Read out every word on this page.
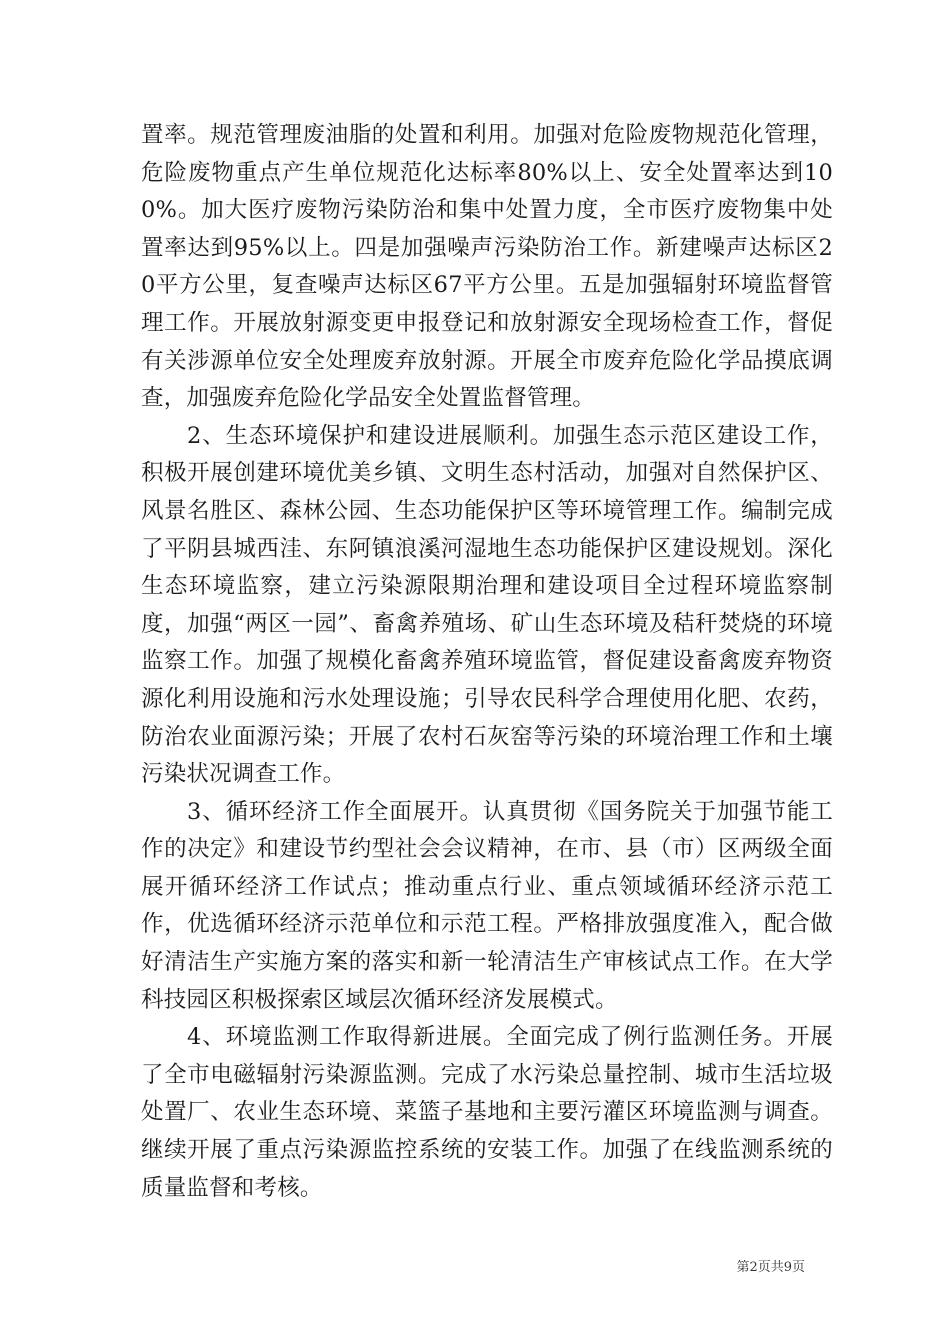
置率。规范管理废油脂的处置和利用。加强对危险废物规范化管理，危险废物重点产生单位规范化达标率80%以上、安全处置率达到100%。加大医疗废物污染防治和集中处置力度，全市医疗废物集中处置率达到95%以上。四是加强噪声污染防治工作。新建噪声达标区20平方公里，复查噪声达标区67平方公里。五是加强辐射环境监督管理工作。开展放射源变更申报登记和放射源安全现场检查工作，督促有关涉源单位安全处理废弃放射源。开展全市废弃危险化学品摸底调查，加强废弃危险化学品安全处置监督管理。

2、生态环境保护和建设进展顺利。加强生态示范区建设工作，积极开展创建环境优美乡镇、文明生态村活动，加强对自然保护区、风景名胜区、森林公园、生态功能保护区等环境管理工作。编制完成了平阴县城西洼、东阿镇浪溪河湿地生态功能保护区建设规划。深化生态环境监察，建立污染源限期治理和建设项目全过程环境监察制度，加强“两区一园”、畜禽养殖场、矿山生态环境及秸秆焚烧的环境监察工作。加强了规模化畜禽养殖环境监管，督促建设畜禽废弃物资源化利用设施和污水处理设施；引导农民科学合理使用化肥、农药，防治农业面源污染；开展了农村石灰窑等污染的环境治理工作和土壤污染状况调查工作。

3、循环经济工作全面展开。认真贯彻《国务院关于加强节能工作的决定》和建设节约型社会会议精神，在市、县（市）区两级全面展开循环经济工作试点；推动重点行业、重点领域循环经济示范工作，优选循环经济示范单位和示范工程。严格排放强度准入，配合做好清洁生产实施方案的落实和新一轮清洁生产审核试点工作。在大学科技园区积极探索区域层次循环经济发展模式。

4、环境监测工作取得新进展。全面完成了例行监测任务。开展了全市电磁辐射污染源监测。完成了水污染总量控制、城市生活垃圾处置厂、农业生态环境、菜篮子基地和主要污灌区环境监测与调查。继续开展了重点污染源监控系统的安装工作。加强了在线监测系统的质量监督和考核。

第2页共9页
